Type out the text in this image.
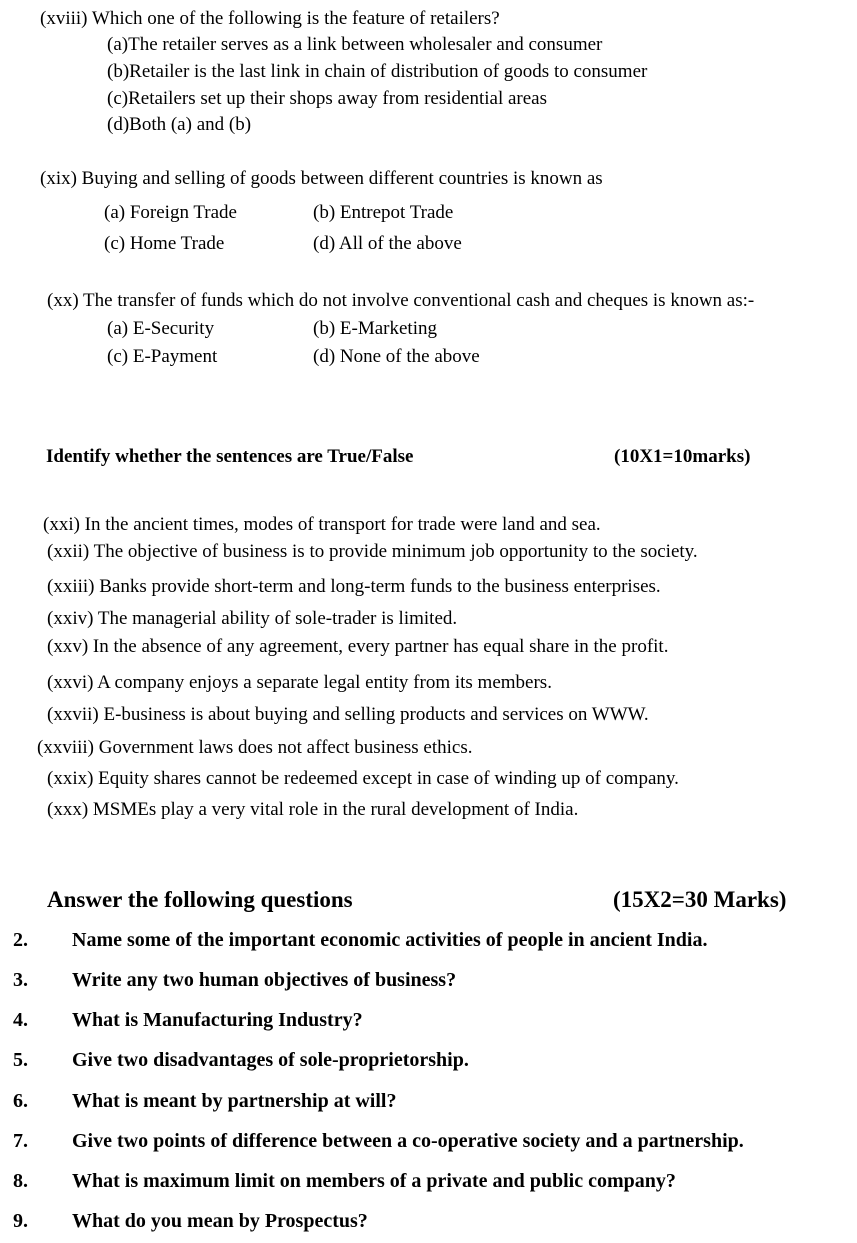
(xviii) Which one of the following is the feature of retailers?
(a)The retailer serves as a link between wholesaler and consumer
(b)Retailer is the last link in chain of distribution of goods to consumer
(c)Retailers set up their shops away from residential areas
(d)Both (a) and (b)
(xix) Buying and selling of goods between different countries is known as
(a) Foreign Trade	(b) Entrepot Trade
(c) Home Trade	(d) All of the above
(xx) The transfer of funds which do not involve conventional cash and cheques is known as:-
(a) E-Security	(b) E-Marketing
(c) E-Payment	(d) None of the above
Identify whether the sentences are True/False	(10X1=10marks)
(xxi) In the ancient times, modes of transport for trade were land and sea.
(xxii) The objective of business is to provide minimum job opportunity to the society.
(xxiii) Banks provide short-term and long-term funds to the business enterprises.
(xxiv) The managerial ability of sole-trader is limited.
(xxv) In the absence of any agreement, every partner has equal share in the profit.
(xxvi) A company enjoys a separate legal entity from its members.
(xxvii) E-business is about buying and selling products and services on WWW.
(xxviii) Government laws does not affect business ethics.
(xxix) Equity shares cannot be redeemed except in case of winding up of company.
(xxx) MSMEs play a very vital role in the rural development of India.
Answer the following questions	(15X2=30 Marks)
2. Name some of the important economic activities of people in ancient India.
3. Write any two human objectives of business?
4. What is Manufacturing Industry?
5. Give two disadvantages of sole-proprietorship.
6. What is meant by partnership at will?
7. Give two points of difference between a co-operative society and a partnership.
8. What is maximum limit on members of a private and public company?
9. What do you mean by Prospectus?
